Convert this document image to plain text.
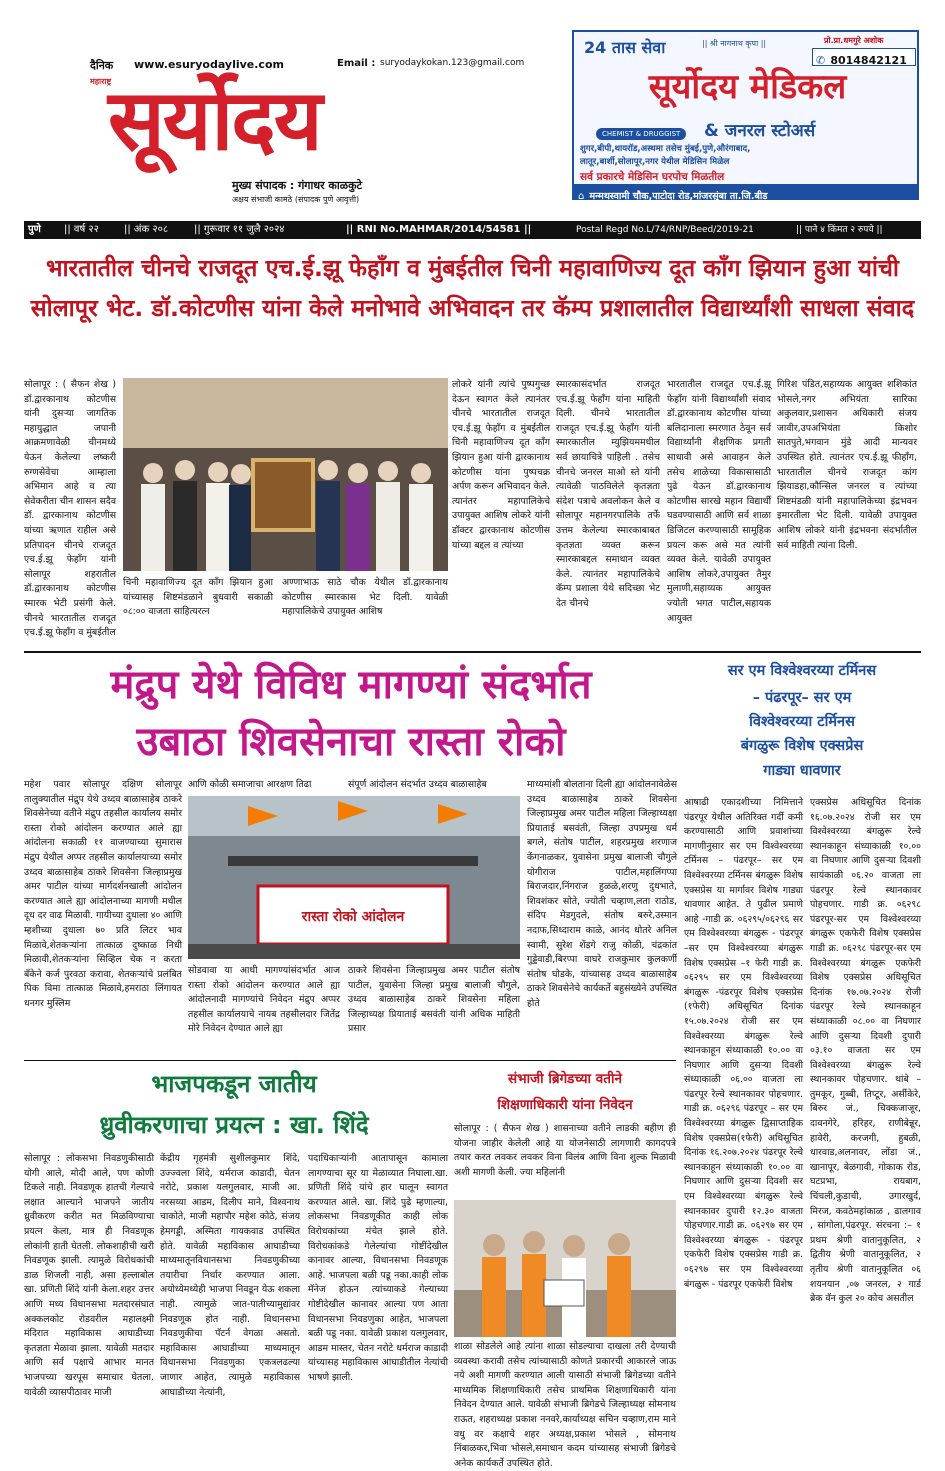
दैनिक
महाराष्ट्र
www.esuryodaylive.com	Email : suryodaykokan.123@gmail.com
सूर्योदय
मुख्य संपादक : गंगाधर काळकुटे
अक्षय संभाजी कामठे (संपादक पुणे आवृत्ती)
24 तास सेवा	|| श्री नागनाथ कृपा ||	प्रो.प्रा.धमगुरे अशोक
✆ 8014842121
सूर्योदय मेडिकल
CHEMIST & DRUGGIST	& जनरल स्टोअर्स
शुगर,बीपी,थायरॉड,अस्थमा तसेच मुंबई,पुणे,औरंगाबाद,
लातूर,बार्शी,सोलापूर,नगर येथील मेडिसिन मिळेल
सर्व प्रकारचे मेडिसिन घरपोच मिळतील
⌂ मन्मथस्वामी चौक,पाटोदा रोड,मांजरसुंबा ता.जि.बीड
पुणे || वर्ष २२	|| अंक २०८	|| गुरूवार ११ जुलै २०२४	|| RNI No.MAHMAR/2014/54581 ||	Postal Regd No.L/74/RNP/Beed/2019-21	|| पाने ४ किंमत २ रुपये ||
भारतातील चीनचे राजदूत एच.ई.झू फेहाँग व मुंबईतील चिनी महावाणिज्य दूत काँग झियान हुआ यांची सोलापूर भेट. डॉ.कोटणीस यांना केले मनोभावे अभिवादन तर कॅम्प प्रशालातील विद्यार्थ्यांशी साधला संवाद
सोलापूर : ( सैफन शेख ) डॉ.द्वारकानाथ कोटणीस यांनी दुसऱ्या जागतिक महायुद्धात जपानी आक्रमणावेळी चीनमध्ये येऊन केलेल्या लष्करी रुग्णसेवेचा आम्हाला अभिमान आहे व त्या सेवेकरीता चीन शासन सदैव डॉ. द्वारकानाथ कोटणीस यांच्या ऋणात राहील असे प्रतिपादन चीनचे राजदूत एच.ई.झू फेहाँग यांनी सोलापूर शहरातील डॉ.द्वारकानाथ कोटणीस स्मारक भेटी प्रसंगी केले. चीनचे भारतातील राजदूत एच.ई.झू फेहाँग व मुंबईतील
चिनी महावाणिज्य दूत काँग झियान हुआ यांच्यासह शिष्टमंडळाने बुधवारी सकाळी ०८:०० वाजता साहित्यरत्न
अण्णाभाऊ साठे चौक येथील डॉ.द्वारकानाथ कोटणीस स्मारकास भेट दिली. यावेळी महापालिकेचे उपायुक्त आशिष
लोकरे यांनी त्यांचे पुष्पगुच्छ देऊन स्वागत केले त्यानंतर चीनचे भारतातील राजदूत एच.ई.झू फेहाँग व मुंबईतील चिनी महावाणिज्य दूत काँग झियान हुआ यांनी द्वारकानाथ कोटणीस यांना पुष्पचक्र अर्पण करून अभिवादन केले. त्यानंतर महापालिकेचे उपायुक्त आशिष लोकरे यांनी डॉक्टर द्वारकानाथ कोटणीस यांच्या बद्दल व त्यांच्या
स्मारकासंदर्भात राजदूत एच.ई.झू फेहाँग यांना माहिती दिली. चीनचे भारतातील राजदूत एच.ई.झू फेहाँग यांनी स्मारकातील म्युझियममधील सर्व छायाचित्रे पाहिली . तसेच चीनचे जनरल माओ स्ते यांनी त्यावेळी पाठविलेले कृतज्ञता संदेश पत्राचे अवलोकन केले व सोलापूर महानगरपालिके तर्फे उत्तम केलेल्या स्मारकाबाबत कृतज्ञता व्यक्त करून स्मारकाबद्दल समाधान व्यक्त केले. त्यानंतर महापालिकेचे कॅम्प प्रशाला येथे सदिच्छा भेट देत चीनचे
भारतातील राजदूत एच.ई.झू फेहाँग यांनी विद्यार्थ्यांशी संवाद डॉ.द्वारकानाथ कोटणीस यांच्या बलिदानाला स्मरणात ठेवून सर्व विद्यार्थ्यांनी शैक्षणिक प्रगती साधावी असे आवाहन केले तसेच शाळेच्या विकासासाठी पुढे येऊन डॉ.द्वारकानाथ कोटणीस सारखे महान विद्यार्थी घडवण्यासाठी आणि सर्व शाळा डिजिटल करण्यासाठी सामूहिक प्रयत्न करू असे मत त्यांनी व्यक्त केले. यावेळी उपायुक्त आशिष लोकरे,उपायुक्त तैमुर मुलाणी,सहाय्यक आयुक्त ज्योती भगत पाटील,सहायक आयुक्त
गिरिश पंडित,सहाय्यक आयुक्त शशिकांत भोसले,नगर अभियंता सारिका अकुलवार,प्रशासन अधिकारी संजय जावीर,उपअभियंता किशोर सातपुते,भगवान मुंडे आदी मान्यवर उपस्थित होते. त्यानंतर एच.ई.झू फीहाँग, भारतातील चीनचे राजदूत कांग झियाडहा,कौन्सिल जनरल व त्यांच्या शिष्टमंडळी यांनी महापालिकेच्या इंद्रभवन इमारतीला भेट दिली. यावेळी उपायुक्त आशिष लोकरे यांनी इंद्रभवना संदर्भातील सर्व माहिती त्यांना दिली.
मंद्रुप येथे विविध मागण्यां संदर्भात
उबाठा शिवसेनाचा रास्ता रोको
महेश पवार सोलापूर दक्षिण सोलापूर तालुक्यातील मंद्रुप येथे उध्दव बाळासाहेब ठाकरे शिवसेनेच्या वतीने मंद्रुप तहसील कार्यालय समोर रास्ता रोको आंदोलन करण्यात आले ह्या आंदोलना सकाळी ११ वाजण्याच्या सुमारास मंद्रुप येथील अप्पर तहसील कार्यालयाच्या समोर उध्दव बाळासाहेब ठाकरे शिवसेना जिल्हाप्रमुख अमर पाटील यांच्या मार्गदर्शनखाली आंदोलन करण्यात आले ह्या आंदोलनाच्या मागणी मधील दूध दर वाढ मिळावी. गायीच्या दुधाला ४० आणि म्हशीच्या दुधाला ७० प्रति लिटर भाव मिळावे,शेतकऱ्यांना तात्काळ दुष्काळ निधी मिळावी,शेतकऱ्यांना सिव्हिल चेक न करता बँकेने कर्ज पुरवठा करावा, शेतकऱ्यांचे प्रलंबित पिक विमा तात्काळ मिळावे,हमराठा लिंगायत धनगर मुस्लिम
आणि कोळी समाजाचा आरक्षण तिढा	संपूर्ण आंदोलन संदर्भात उध्दव बाळासाहेब
रास्ता रोको आंदोलन
सोडवावा या आधी मागण्यांसंदर्भात आज रास्ता रोको आंदोलन करण्यात आले ह्या आंदोलनादी मागण्यांचे निवेदन मंद्रुप अप्पर तहसील कार्यालयाचे नायब तहसीलदार जितेंद्र मोरे निवेदन देण्यात आले ह्या
ठाकरे शिवसेना जिल्हाप्रमुख अमर पाटील संतोष पाटील, युवासेना जिल्हा प्रमुख बालाजी चौगुले, उध्दव बाळासाहेब ठाकरे शिवसेना महिला जिल्हाध्यक्ष प्रियाताई बसवंती यांनी अधिक माहिती प्रसार
माध्यमांशी बोलताना दिली ह्या आंदोलनावेळेस उध्दव बाळासाहेब ठाकरे शिवसेना जिल्हाप्रमुख अमर पाटील महिला जिल्हाध्यक्षा प्रियाताई बसवंती, जिल्हा उपप्रमुख धर्म बगले, संतोष पाटील, शहरप्रमुख शरणाज केंगनाळकर, युवासेना प्रमुख बालाजी चौगुले योगीराज पाटील,महालिंगप्पा बिराजदार,निंगराज हुळळे,शरणु दुधभाते, शिवशंकर सोते, ज्योती चव्हाण,लता राठोड, संदिप मेडगुदले, संतोष बरुरे,उस्मान नदाफ,सिध्दाराम काळे, आनंद धोतरे अनिल स्वामी, सुरेश शेंडगे राजु कोळी, चंद्रकांत गुड्डेवाडी,बिरप्पा वाघरे राजकुमार कुलकर्णी संतोष घोडके, यांच्यासह उध्दव बाळासाहेब ठाकरे शिवसेनेचे कार्यकर्ते बहुसंख्येने उपस्थित होते
सर एम विश्वेश्वरय्या टर्मिनस
– पंढरपूर– सर एम
विश्वेश्वरय्या टर्मिनस
बंगळुरू विशेष एक्सप्रेस
गाड्या धावणार
आषाढी एकादशीच्या निमित्ताने पंढरपूर येथील अतिरिक्त गर्दी कमी करण्यासाठी आणि प्रवाशांच्या मागणीनुसार सर एम विश्वेश्वरय्या टर्मिनस – पंढरपूर– सर एम विश्वेश्वरय्या टर्मिनस बंगळुरू विशेष एक्सप्रेस या मार्गावर विशेष गाड्या धावणार आहेत. ते पुढील प्रमाणे आहे -गाडी क्र. ०६२९५/०६२९६ सर एम विश्वेश्वरय्या बंगळुरू - पंढरपूर –सर एम विश्वेश्वरय्या बंगळुरू विशेष एक्सप्रेस –१ फेरी गाडी क्र. ०६२९५ सर एम विश्वेश्वरय्या बंगळुरू -पंढरपूर विशेष एक्सप्रेस (१फेरी) अधिसूचित दिनांक १५.०७.२०२४ रोजी सर एम विश्वेश्वरय्या बंगळुरू रेल्वे स्थानकाहून संध्याकाळी १०.०० वा निघणार आणि दुसऱ्या दिवशी संध्याकाळी ०६.०० वाजता ला पंढरपूर रेल्वे स्थानकावर पोहचणार. गाडी क्र. ०६२९६ पंढरपूर – सर एम विश्वेश्वरय्या बंगळुरू द्विसाप्ताहिक विशेष एक्सप्रेस(१फेरी) अधिसूचित दिनांक १६.२०७.२०२४ पंढरपूर रेल्वे स्थानकाहून संध्याकाळी १०.०० वा निघणार आणि दुसऱ्या दिवशी सर एम विश्वेश्वरय्या बंगळुरू रेल्वे स्थानकावर दुपारी १२.३० वाजता पोहचणार.गाडी क्र. ०६२९७ सर एम विश्वेश्वरय्या बंगळुरू - पंढरपूर एकफेरी विशेष एक्सप्रेस गाडी क्र. ०६२९७ सर एम विश्वेश्वरय्या बंगळुरू - पंढरपूर एकफेरी विशेष
एक्सप्रेस अधिसूचित दिनांक १६.०७.२०२४ रोजी सर एम विश्वेश्वरय्या बंगळुरू रेल्वे स्थानकाहून संध्याकाळी १०.०० वा निघणार आणि दुसऱ्या दिवशी सायंकाळी ०६.२० वाजता ला पंढरपूर रेल्वे स्थानकावर पोहचणार. गाडी क्र. ०६२९८ पंढरपूर-सर एम विश्वेश्वरय्या बंगळुरू एकफेरी विशेष एक्सप्रेस गाडी क्र. ०६२९८ पंढरपूर-सर एम विश्वेश्वरय्या बंगळुरू एकफेरी विशेष एक्सप्रेस अधिसूचित दिनांक १७.०७.२०२४ रोजी पंढरपूर रेल्वे स्थानकाहून संध्याकाळी ०८.०० वा निघणार आणि दुसऱ्या दिवशी दुपारी ०३.१० वाजता सर एम विश्वेश्वरय्या बंगळुरू रेल्वे स्थानकावर पोहचणार. थांबे – तुमकूर, गुब्बी, तिप्टूर, अर्सीकेरे, बिरुर जं., चिक्कजाजूर, दावनगेरे, हरिहर, राणीबेन्नूर, हावेरी, करजगी, हुबळी, धारवाड,अलनावर, लोंडा जं., खानापूर, बेळगावी, गोकाक रोड, घटप्रभा, रायबाग, चिंचली,कुडाची, उगारखुर्द, मिरज, कवठेमहांकाळ , ढालगाव , सांगोला,पंढरपूर. संरचना :– १ प्रथम श्रेणी वातानुकूलित, २ द्वितीय श्रेणी वातानुकूलित, २ तृतीय श्रेणी वातानुकूलित ०६ शयनयान ,०७ जनरल, २ गार्ड ब्रेक वॅन कुल २० कोच असतील
भाजपकडून जातीय
ध्रुवीकरणाचा प्रयत्न : खा. शिंदे
सोलापूर : लोकसभा निवडणुकीसाठी योगी आले, मोदी आले, पण कोणी टिकले नाही. निवडणूक हातची गेल्याचे लक्षात आल्याने भाजपने जातीय ध्रुवीकरण करीत मत मिळविण्याचा प्रयत्न केला, मात्र ही निवडणूक लोकांनी हाती घेतली. लोकशाहीची खरी निवडणूक झाली. त्यामुळे विरोधकांची डाळ शिजली नाही, असा हल्लाबोल खा. प्रणिती शिंदे यांनी केला.शहर उत्तर आणि मध्य विधानसभा मतदारसंघात अक्कलकोट रोडवरील महालक्ष्मी मंदिरात महाविकास आघाडीच्या कृतज्ञता मेळावा झाला. यावेळी मतदार आणि सर्व पक्षाचे आभार मानत भाजपच्या खरपूस समाचार घेतला. यावेळी व्यासपीठावर माजी
केंद्रीय गृहमंत्री सुशीलकुमार शिंदे, उज्ज्वला शिंदे, धर्मराज काडादी, चेतन नरोटे, प्रकाश यलगुलवार, माजी आ. नरसय्या आडम, दिलीप माने, विश्वनाथ चाकोते, माजी महापौर महेश कोठे, संजय हेमगड्डी, अस्मिता गायकवाड उपस्थित होते. यावेळी महाविकास आघाडीच्या माध्यमातूनविधानसभा निवडणुकीच्या तयारीचा निर्धार करण्यात आला. अयोध्येमध्येही भाजपा निवडून येऊ शकला नाही. त्यामुळे जात-पातीच्यामुद्यांवर निवडणूक होत नाही. विधानसभा निवडणुकीचा पॅटर्न वेगळा असतो. महाविकास आघाडीच्या माध्यमातून विधानसभा निवडणुका एकत्रलढल्या जाणार आहेत, त्यामुळे महाविकास आघाडीच्या नेत्यांनी,
पदाधिकाऱ्यांनी आतापासून कामाला लागण्याचा सूर या मेळाव्यात निघाला.खा. प्रणिती शिंदे यांचे हार घालून स्वागत करण्यात आले. खा. शिंदे पुढे म्हणाल्या, लोकसभा निवडणूकीत काही लोक विरोधकांच्या मंचेत झाले होते. विरोधकांकडे गेलेल्यांचा गोष्टींदेखील कानावर आल्या, विधानसभा निवडणूक आहे. भाजपला बळी पडू नका.काही लोक मॅनेज होऊन त्यांच्याकडे गेल्याच्या गोष्टीदेखील कानावर आल्या पण आता विधानसभा निवडणुका आहेत, भाजपला बळी पडू नका. यावेळी प्रकाश यलगुलवार, आडम मास्तर, चेतन नरोटे धर्मराज काडादी यांच्यासह महाविकास आघाडीतील नेत्यांची भाषणे झाली.
संभाजी ब्रिगेडच्या वतीने
शिक्षणाधिकारी यांना निवेदन
सोलापूर : ( सैफन शेख ) शासनाच्या वतीने लाडकी बहीण ही योजना जाहीर केलेली आहे या योजनेसाठी लागणारी कागदपत्रे तयार करत लवकर लवकर विना विलंब आणि विना शुल्क मिळावी अशी मागणी केली. ज्या महिलांनी
शाळा सोडलेले आहे त्यांना शाळा सोडल्याचा दाखला तरी देण्याची व्यवस्था करावी तसेच त्यांच्यासाठी कोणते प्रकारची आकारले जाऊ नये अशी मागणी करण्यात आली यासाठी संभाजी ब्रिगेडच्या वतीने माध्यमिक शिक्षणाधिकारी तसेच प्राथमिक शिक्षणाधिकारी यांना निवेदन देण्यात आले. यावेळी संभाजी ब्रिगेडचे जिल्हाध्यक्ष सोमनाथ राऊत, शहराध्यक्ष प्रकाश ननवरे,कार्याध्यक्ष सचिन चव्हाण,राम माने वधु वर कक्षाचे शहर अध्यक्ष,प्रकाश भोसले , सोमनाथ निंबाळकर,भिवा भोसले,समाधान कदम यांच्यासह संभाजी ब्रिगेडचे अनेक कार्यकर्ते उपस्थित होते.
